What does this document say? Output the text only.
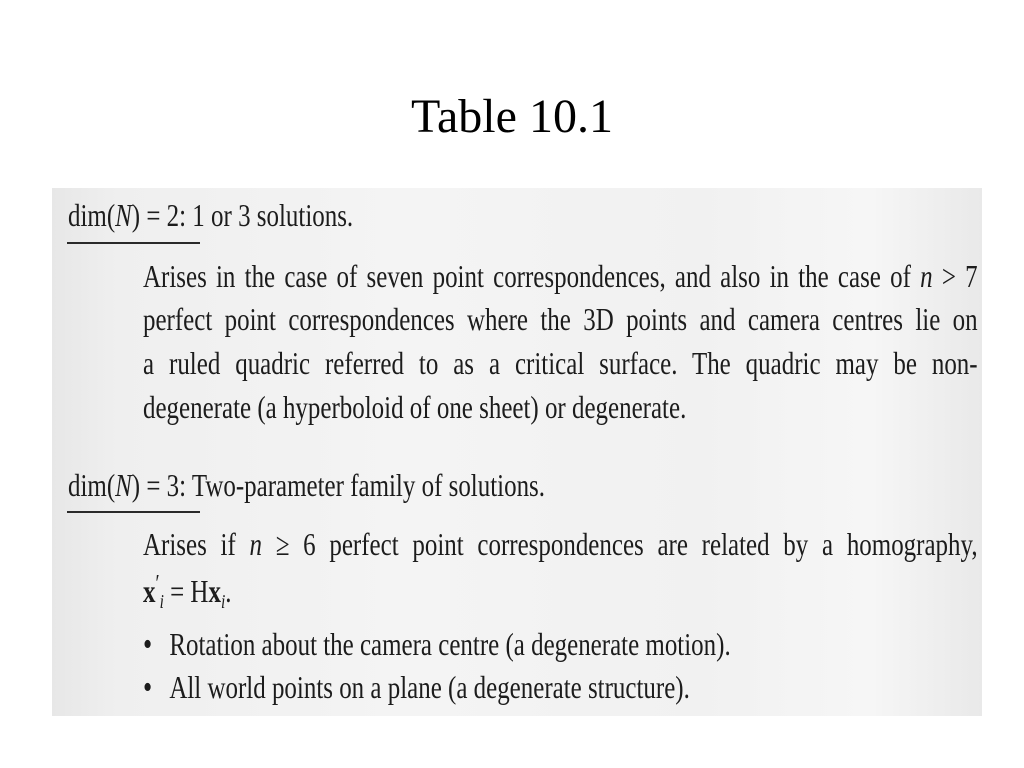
Table 10.1
dim(N) = 2: 1 or 3 solutions.
Arises in the case of seven point correspondences, and also in the case of n > 7
perfect point correspondences where the 3D points and camera centres lie on
a ruled quadric referred to as a critical surface. The quadric may be non-
degenerate (a hyperboloid of one sheet) or degenerate.
dim(N) = 3: Two-parameter family of solutions.
Arises if n ≥ 6 perfect point correspondences are related by a homography,
x′i = Hxi.
• Rotation about the camera centre (a degenerate motion).
• All world points on a plane (a degenerate structure).
